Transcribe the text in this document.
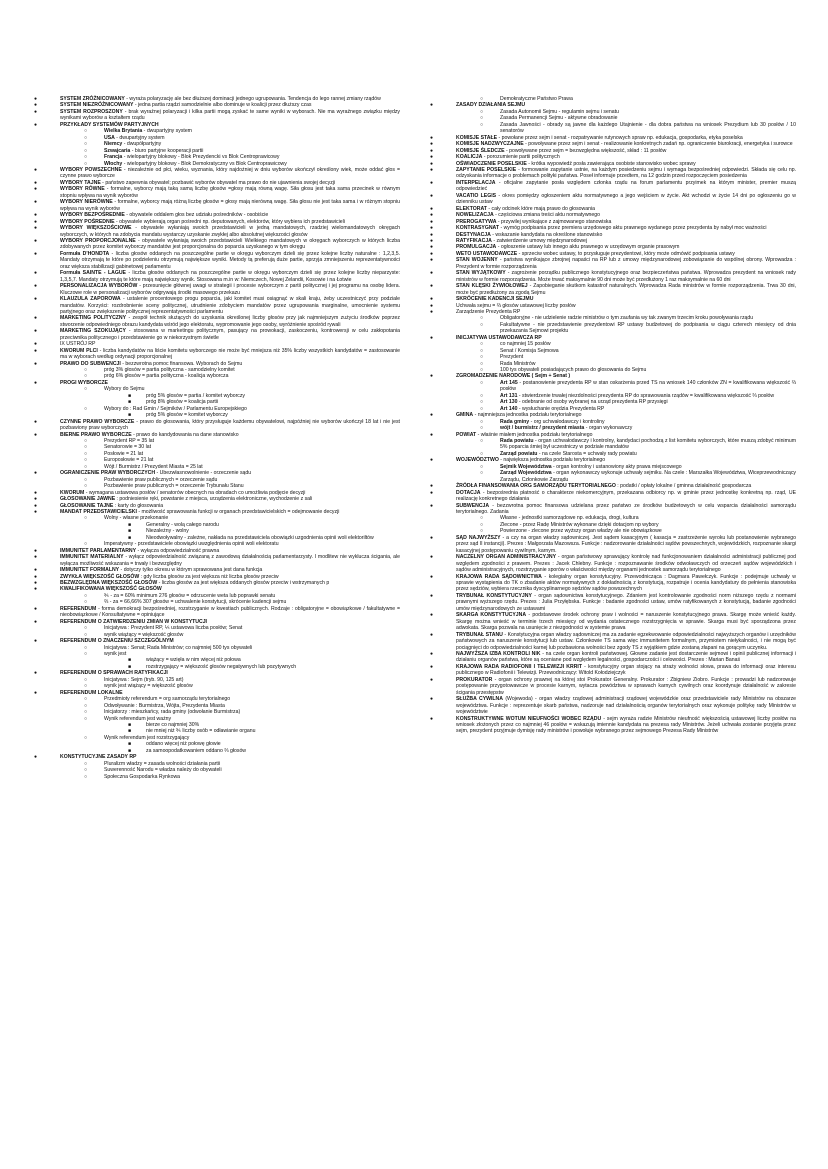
●	SYSTEM ZRÓŻNICOWANY - wyraża polaryzację ale bez dłuższej dominacji jednego ugrupowania. Tendencja do lego rannej zmiany rządów
●	SYSTEM NIEZRÓŻNICOWANY - jedna partia rządzi samodzielnie albo dominuje w koalicji przez dłuższy czas
●	SYSTEM ROZPROSZONY - brak wyraźnej polaryzacji i kilka partii mogą zyskać te same wyniki w wyborach. Nie ma wyraźnego związku między wynikami wyborów a kształtem rządu
●	PRZYKŁADY SYSTEMÓW PARTYJNYCH
○	Wielka Brytania - dwupartyjny system
○	USA - dwupartyjny system
○	Niemcy - dwupółpartyjny
○	Szwajcaria - biuro partyjne kooperacji partii
○	Francja - wielopartyjny blokowy - Blok Prezydencki vs Blok Centroprawicowy
○	Włochy - wielopartyjny blokowy - Blok Demokratyczny vs Blok Centroprawicowy
●	WYBORY POWSZECHNE - niezależnie od płci, wieku, wyznania, który najdożniej w dniu wyborów ukończył określony wiek, może oddać głos = czynne prawo wyborcze
●	WYBORY TAJNE - państwo zapewnia obywatel; pozbawić wyborów obywatel ma prawo do nie ujawnienia swojej decyzji
●	WYBORY RÓWNE - formalne, wyborcy mają taką samą liczbę głosów =głosy mają równą wagę. Siła głosu jest taka sama przecinek w równym stopniu wpływa na wynik wyborów
●	WYBORY NIERÓWNE - formalne, wyborcy mają różną liczbę głosów = głosy mają nierówną wagę. Siła głosu nie jest taka sama i w różnym stopniu wpływa na wynik wyborów
●	WYBORY BEZPOŚREDNIE - obywatele oddalem głos bez udziału pośredników - osobiście
●	WYBORY POŚREDNIE - obywatele wybierają organ pośredni np. deputowanych, elektorów, który wybiera ich przedstawicieli
●	WYBORY WIĘKSZOŚCIOWE - obywatele wyłaniają swoich przedstawicieli w jedną mandatowych, rzadziej wielomandatowych okręgach wyborczych, w których na zdobycia mandatu wystarczy uzyskanie zwykłej albo absolutnej większości głosów
●	WYBORY PROPORCJONALNE - obywatele wyłaniają swoich przedstawicieli Wielkiego mandatowych w okręgach wyborczych w których liczba zdobywanych przez komitet wyborczy mandatów jest proporcjonalna do poparcia uzyskanego w tym okręgu
●	Formuła D'HONDTA - liczba głosów oddanych na poszczególne partie w okręgu wyborczym dzieli się przez kolejne liczby naturalne : 1,2,3,5. Mandaty otrzymają te które po podzieleniu otrzymują największe wyniki. Metody tą preferują duże partie, sprzyja zmniejszeniu reprezentatywności oraz większa stabilizacji gabinetowej parlamentu
●	Formuła SAINTE - LAGUE - liczba głosów oddanych na poszczególne partie w okręgu wyborczym dzieli się przez kolejne liczby nieparzyste: 1,3,5,7. Mandaty otrzymują te które mają największy wynik. Stosowana m.in w: Niemczech, Nowej Zelandii, Kosowie i na Łotwie
●	PERSONALIZACJA WYBORÓW - przesunięcie głównej uwagi w strategii i procesie wyborczym z partii politycznej i jej programu na osobę lidera. Kluczowe role w personalizacji wyborów odgrywają środki masowego przekazu
●	KLAUZULA ZAPOROWA - ustalenie procentowego progu poparcia, jaki komitet musi osiągnąć w skali kraju, żeby uczestniczyć przy podziale mandatów. Korzyści: rozdrobnienie sceny politycznej, utrudnienie zdobyciem mandatów przez ugrupowania marginalne, umocnienie systemu partyjnego oraz zwiększenie politycznej reprezentatywności parlamentu
●	MARKETING POLITYCZNY - zespół technik służących do uzyskania określonej liczby głosów przy jak najmniejszym zużyciu środków poprzez stworzenie odpowiedniego obrazu kandydata wśród jego elektoratu, wypromowanie jego osoby, wyróżnienie spośród rywali
●	MARKETING SZOKUJĄCY - stosowana w marketingu politycznym, pasujący na prowokacji, zaskoczeniu, kontrowersji w celu zakłopotania przeciwnika politycznego i przedstawienie go w niekorzystnym świetle
●	IX USTRÓJ RP
●	KWORUM PLCI - liczba kandydatów na liście komitetu wyborczego nie może być mniejsza niż 35% liczby wszystkich kandydatów = zastosowanie ma w wyborach według ordynacji proporcjonalnej
●	PRAWO DO SUBWENCJI - bezzwrotna pomoc finansowa. Wyborach do Sejmu
○	próg 3% głosów = partia polityczna - samodzielny komitet
○	próg 6% głosów = partia polityczna - koalicja wyborcza
●	PROGI WYBORCZE
○	Wybory do Sejmu
■	próg 5% głosów = partia / komitet wyborczy
■	próg 8% głosów = koalicja partii
○	Wybory do : Rad Gmin / Sejmików / Parlamentu Europejskiego
■	próg 5% głosów = komitet wyborczy
●	CZYNNE PRAWO WYBORCZE - prawo do głosowania, który przysługuje każdemu obywatelowi, najpóźniej nie wyborów ukończył 18 lat i nie jest pozbawiony praw wyborczych
●	BIERNE PRAWO WYBORCZE - prawo do kandydowania na dane stanowisko
○	Prezydent RP = 35 lat
○	Senatorowie = 30 lat
○	Posłowie = 21 lat
○	Europosłowie = 21 lat
○	Wójt / Burmistrz / Prezydent Miasta = 25 lat
●	OGRANICZENIE PRAW WYBORCZYCH - Ubezwłasnowolnienie - orzeczenie sądu
○	Pozbawienie praw publicznych = orzeczenie sądu
○	Pozbawienie praw publicznych = orzeczenie Trybunału Stanu
●	KWORUM - wymagana ustawowa posłów / senatorów obecnych na obradach co umożliwia podjęcie decyzji
●	GŁOSOWANIE JAWNE : podniesienie ręki, powstanie z miejsca, urządzenia elektroniczne, wychodzenie z sali
●	GŁOSOWANIE TAJNE : karty do głosowania
●	MANDAT PRZEDSTAWICIELSKI - możliwość sprawowania funkcji w organach przedstawicielskich = odejmowanie decyzji
○	Wolny - własne przekonanie
■	Generalny - wolą całego narodu
■	Niezależny - wolny
■	Nieodwoływalny - zależne, nakłada na przedstawiciela obowiązki uzgodnienia opinii woli elektoriltów
○	Imperatywny - przedstawiciele obowiązki uwzględnienia opinii woli elektoratu
●	IMMUNITET PARLAMENTARNY - wyłącza odpowiedzialność prawna
●	IMMUNITET MATERIALNY - wyłącz odpowiedzialność związaną z zawodową działalnością parlamentarzysty. I modlitew nie wyklucza ścigania, ale wyłącza możliwość wskazania = trwały i bezwzględny
●	IMMUNITET FORMALNY - dotyczy tylko okresu w którym sprawowana jest dana funkcja
●	ZWYKŁA WIĘKSZOŚĆ GŁOSÓW : gdy liczba głosów za jest większa niż liczba głosów przeciw
●	BEZWZGLĘDNA WIĘKSZOŚĆ GŁOSÓW - liczba głosów za jest większa oddanych głosów przeciw i wstrzymanych p
●	KWALIFIKOWANA WIĘKSZOŚĆ GŁOSÓW
○	⅗ - za = 60% minimum 276 głosów = odrzucenie weta lub poprawki senatu
○	⅔ - za = 66,66% 307 głosów = uchwalenie konstytucji, skrócenie kadencji sejmu
●	REFERENDUM - forma demokracji bezpośredniej, rozstrzyganie w kwestiach publicznych. Rodzaje : obligatoryjne = obowiązkowe / fakultatywne = nieobowiązkowe / Konsultatywne = opiniujące
●	REFERENDUM O ZATWIERDZENIU ZMIAN W KONSTYTUCJI
○	Inicjatywa : Prezydent RP, ⅕ ustawowa liczba posłów; Senat
○	wynik wiążący = większość głosów
●	REFERENDUM O ZNACZENIU SZCZEGÓLNYM
○	Inicjatywa : Senat; Rada Ministrów; co najmniej 500 tys obywateli
○	wynik jest
■	wiążący = wzięła w nim więcej niż połowa
■	rozstrzygający = większość głosów negatywnych lub pozytywnych
●	REFERENDUM O SPRAWACH RATYFIKACJI
○	Inicjatywa : Sejm (tryb. 90, 125 art)
○	wynik jest wiążący = większość głosów
●	REFERENDUM LOKALNE
○	Przedmioty referendum = org samorządu terytorialnego
○	Odwoływanie : Burmistrza, Wójta, Prezydenta Miasta
○	Inicjatorzy : mieszkańcy, rada gminy (odwołanie Burmistrza)
○	Wynik referendum jest ważny
■	bierze co najmniej 30%
■	nie mniej niż ⅗ liczby osób = odławianie organu
○	Wynik referendum jest rozstrzygający
■	oddano więcej niż połowę głowie
■	za samoopodatkowaniem oddano ⅔ głosów
●	KONSTYTUCYJNE ZASADY RP
○	Pluralizm władzy = zasada wolności działania partii
○	Suwerenność Narodu = władza należy do obywateli
○	Społeczna Gospodarka Rynkowa
○	Demokratyczne Państwo Prawa
●	ZASADY DZIAŁANIA SEJMU
○	Zasada Autonomii Sejmu - regulamin sejmu i senatu
○	Zasada Permanencji Sejmu - aktywne obradowanie
○	Zasada Jawności - obrady są jawne dla każdego Utajnienie - dla dobra państwa na wniosek Prezydium lub 30 posłów / 10 senatorów
●	KOMISJE STAŁE - powołane przez sejm i senat - rozpatrywanie rutynowych spraw np. edukacja, gospodarka, etyka poselska
●	KOMISJE NADZWYCZAJNE - powoływane przez sejm i senat - realizowanie konkretnych zadań np. ograniczenie biurokracji, energetyka i surowce
●	KOMISJE ŚLEDCZE - powoływane przez sejm = bezwzględna większość, skład : 11 posłów
●	KOALICJA - porozumienie partii politycznych
●	OŚWIADCZENIE POSELSKIE - krótka wypowiedź posła zawierająca osobiste stanowisko wobec sprawy
●	ZAPYTANIE POSELSKIE - formowanie zapytanie ustnie, na każdym posiedzeniu sejmu i wymaga bezpośredniej odpowiedzi. Składa się celu np. odzyskania informacje o problemach polityki państwa. Poseł informuje przedtem, na 12 godzin przed rozpoczęciem posiedzenia
●	INTERPELACJA - oficjalne zapytanie posła względem członka rządu na forum parlamentu przyimek na którym minister, premier muszą odpowiedzieć
●	VACATIO LEGIS - okres pomiędzy ogłoszeniem aktu normatywnego a jego wejściem w życie. Akt wchodzi w życie 14 dni po ogłoszeniu go w dzienniku ustaw
●	ELEKTORAT - cały odcinek które mają prawo do głosowania
●	NOWELIZACJA - częściowa zmiana treści aktu normatywnego
●	PREROGATYWA - przywilej wynikające z zajmowanego stanowiska
●	KONTRASYGNAT - wymóg podpisania przez premiera urzędowego aktu prawnego wydanego przez prezydenta by nabył moc ważności
●	DESTYNACJA - wskazanie kandydata na określone stanowisko
●	RATYFIKACJA - zatwierdzenie umowy międzynarodowej
●	PROMULGACJA - ogłoszenie ustawy lub innego aktu prawnego w urzędowym organie prasowym
●	WETO USTAWODAWCZE - sprzeciw wobec ustawy, to przysługuje prezydentowi, który może odmówić podpisania ustawy
●	STAN WOJENNY - państwa wynikające zbrojnej napaści na RP lub z umowy międzynarodowej zobowiązanie do wspólnej obrony. Wprowadza : Prezydent w formie rozporządzenia
●	STAN WYJĄTKOWY - zagrożenie porządku publicznego konstytucyjnego oraz bezpieczeństwa państwa. Wprowadza prezydent na wniosek rady ministrów w formie rozporządzenia. Może trwać maksymalnie 90 dni może być przedłużony 1 raz maksymalnie na 60 dni
●	STAN KLĘSKI ŻYWIOŁOWEJ - Zapobieganie skutkom katastrof naturalnych. Wprowadza Rada ministrów w formie rozporządzenia. Trwa 30 dni, może być przedłużony za zgodą Sejmu
●	SKRÓCENIE KADENCJI SEJMU
●	Uchwała sejmu = ⅔ głosów ustawowej liczby posłów
●	Zarządzenie Prezydenta RP
○	Obligatoryjne - nie udzielenie radzie ministrów o tym zaufania wy tak zwanym trzecim kroku powoływania rządu
○	Fakultatywne - nie przedstawienie prezydentowi RP ustawy budżetowej do podpisania w ciągu czterech miesięcy od dnia przekazania Sejmowi projektu
●	INICJATYWA USTAWODAWCZA RP
○	co najmniej 15 posłów
○	Senat / Komisja Sejmowa
○	Prezydent
○	Rada Ministrów
○	100 tys obywateli posiadających prawo do głosowania do Sejmu
●	ZGROMADZENIE NARODOWE ( Sejm + Senat )
○	Art 145 - postanowienie prezydenta RP w stan oskarżenia przed TS na wniosek 140 członków ZN = kwalifikowana większość ⅔ posłów
○	Art 131 - stwierdzenie trwałej niezdolności prezydenta RP do sprawowania rządów = kwalifikowana większość ⅔ posłów
○	Art 130 - odebranie od osoby wybranej na urząd prezydenta RP przysięgi
○	Art 140 - wysłuchanie orędzia Prezydenta RP
●	GMINA - najmniejsza jednostka podziału terytorialnego
○	Rada gminy - org uchwałodawczy i kontroliny
○	wójt / burmistrz / prezydent miasta - organ wykonawczy
●	POWIAT - właśnie miałem jednostka podziału terytorialnego
○	Rada powiatu - organ uchwałodawczy i kontrolny, kandydaci pochodzą z list komitetu wyborczych, które muszą zdobyć minimum 5% poparcia śmiej był uczestniczy w podziale mandatów
○	Zarząd powiatu - na czele Starosta = uchwały rady powiatu
●	WOJEWÓDZTWO - największa jednostka podziału terytorialnego
○	Sejmik Województwa - organ kontrolny i ustanowiony akty prawa miejscowego
○	Zarząd Województwa - organ wykonawczy wykonuje uchwały sejmiku. Na czele : Marszałka Województwa, Wiceprzewodniczący Zarządu, Członkowie Zarządu
●	ŹRÓDŁA FINANSOWANIA ORG SAMORZĄDU TERYTORIALNEGO : podatki / opłaty lokalne / gminna działalność gospodarcza
●	DOTACJA - bezpośrednia płatność o charakterze niekomercyjnym, przekazana odbiorcy np. w gminie przez jednostkę konkretną np. rząd, UE realizację konkretnego działania
●	SUBWENCJA - bezzwrotna pomoc finansowa udzielana przez państwo ze środków budżetowych w celu wsparcia działalności samorządu terytorialnego. Zadania
○	Własne - jednostki samorządowe np. edukacja, drogi, kultura
○	Zlecone - przez Radę Ministrów wykonane dzięki dotacjom np wybory
○	Powierzone - zlecone przez wyższy organ władzy ale nie obowiązkowe
●	SĄD NAJWYŻSZY - a czy na organ władzy sądowniczej. Jest sądem kasacyjnym ( kasacja = zastrzeżenie wyroku lub postanowienie wybranego przez sąd II instancji). Prezes : Małgorzata Mazowsza. Funkcje : nadzorowanie działalności sądów powszechnych, wojewódzkich, rozpoznanie skargi kasacyjnej postępowaniu cywilnym, karnym.
●	NACZELNY ORGAN ADMINISTRACYJNY - organ państwowy sprawujący kontrolę nad funkcjonowaniem działalności administracji publicznej pod względem zgodności z prawem. Prezes : Jacek Chlebny. Funkcje : rozpoznawanie środków odwoławczych od orzeczeń sądów wojewódzkich i sądów administracyjnych, rozstrzyganie sporów o właściwości między organami jednostek samorządu terytorialnego
●	KRAJOWA RADA SĄDOWNICTWA - kolegialny organ konstytucyjny. Przewodnicząca : Dagmara Pawełczyk. Funkcje : podejmuje uchwały w sprawie wystąpienia do TK o zbadanie aktów normatywnych z dokładnością z konstytucją, rozpatruje i ocenia kandydatury do pełnienia stanowiska przez sędziów, wybiera rzecznika dyscyplinarnego sędziów sądów powszechnych
●	TRYBUNAŁ KONSTYTUCYJNY - organ sądownictwa konstytucyjnego. Zdaniem jest kontrolowanie zgodności norm niższego rzędu z normami prawnymi wyższego rzędu. Prezes : Julia Przyłębska. Funkcje : badanie zgodności ustaw, umów ratyfikowanych z konstytucją, badanie zgodności umów międzynarodowych ze ustawami
●	SKARGA KONSTYTUCYJNA - podstawowe środek ochrony praw i wolności = naruszenie konstytucyjnego prawa. Skargę może wnieść każdy. Skargę można wnieść w terminie trzech miesięcy od wydania ostatecznego rozstrzygnięcia w sprawie. Skarga musi być sporządzona przez adwokata. Skarga pozwala na usunięcie z niezgodności w systemie prawa
●	TRYBUNAŁ STANU - Konstytucyjna organ władzy sądowniczej ma za zadanie egzekwowanie odpowiedzialności najwyższych organów i urzędników państwowych za naruszenie konstytucji lub ustaw. Członkowie TS sama więc immunitetem formalnym, przymiotem niełykalności, i nie mogą być pociągnięci do odpowiedzialności karnej lub pozbawiona wolności bez zgody TS z wyjątkiem gdzie zostaną złapani na gorącym uczynku.
●	NAJWYŻSZA IZBA KONTROLI NIK - na czele organ kontroli państwowej. Głowne zadanie jest dostarczenie sejmowi i opinii publicznej informacji i działaniu organów państwa, które są oceniane pod względem legalności, gospodarczości i celowości. Prezes : Marian Banaś
●	KRAJOWA RADA RADIOFONII I TELEWIZJI KRRIT - konstytucyjny organ stojący na straży wolności słowa, prawa do informacji oraz interesu publicznego w Radiofonii i Telewizji. Przewodniczący: Witold Kołodziejczyk
●	PROKURATOR - organ ochrony prawnej na której stoi Prokurator Generalny. Prokurator : Zbigniew Ziobro. Funkcje : prowadzi lub nadzorowuje postępowanie przygotowawcze w procesie karnym, wytacza powództwa w sprawach karnych cywilnych oraz koordynuje działalność w zakresie ścigania przestępstw
●	SŁUŻBA CYWILNA (Wojewoda) - organ władzy rządowej administracji rządowej wojewódzkie oraz przedstawiciele rady Ministrów na obszarze województwa. Funkcje : reprezentuje skarb państwa, nadzoruje nad działalnością organów terytorialnych oraz wykonuje politykę rady Ministrów w województwie
●	KONSTRUKTYWNE WOTUM NIEUFNOŚCI WOBEC RZĄDU - sejm wyraża radzie Ministrów nieufność większością ustawowej liczby posłów na wniosek złożonych przez co najmniej 46 posłów = wskazują imiennie kandydata na prezesa rady Ministrów. Jeżeli uchwała zostanie przyjęta przez sejm, prezydent przyjmuje dymisję rady ministrów i powołuje wybranego przez sejmowego Prezesa Rady Ministrów
